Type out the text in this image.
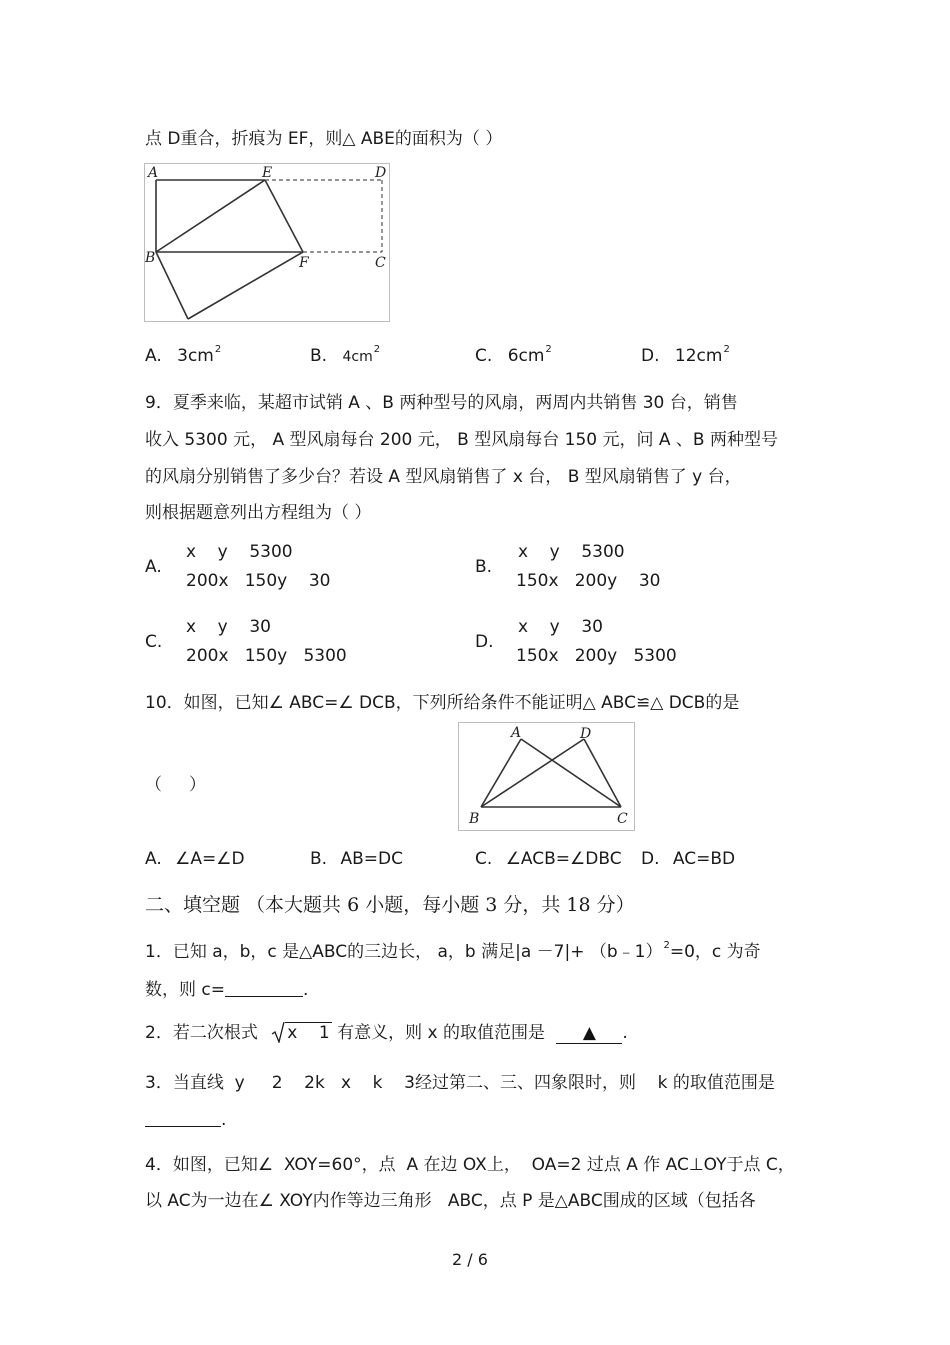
点 D重合，折痕为 EF，则△ ABE的面积为（ ）
A	E	D
B	F	C
A. $3cm^2$	B. $4cm^2$	C. $6cm^2$	D. $12cm^2$
9．夏季来临，某超市试销 A 、B 两种型号的风扇，两周内共销售 30 台，销售
收入 5300 元， A 型风扇每台 200 元， B 型风扇每台 150 元，问 A 、B 两种型号
的风扇分别销售了多少台？若设 A 型风扇销售了 x 台， B 型风扇销售了 y 台，
则根据题意列出方程组为（ ）
A.
x    y    5300
200x   150y    30
B.
x    y    5300
150x   200y    30
C.
x    y    30
200x   150y   5300
D.
x    y    30
150x   200y   5300
10．如图，已知∠ ABC=∠ DCB，下列所给条件不能证明△ ABC≌△ DCB的是
（     ）
A	D
B	C
A. ∠A=∠D	B. AB=DC	C. ∠ACB=∠DBC D. AC=BD
二、填空题 （本大题共 6 小题，每小题 3 分，共 18 分）
1．已知 a，b，c 是△ABC的三边长， a，b 满足|a －7|+ （b﹣1）$^2$=0，c 为奇
数，则 c=	.
2．若二次根式 x    1 有意义，则 x 的取值范围是 ▲ .
3．当直线  y     2    2k   x    k    3经过第二、三、四象限时，则    k 的取值范围是
.
4．如图，已知∠  XOY=60°，点  A 在边 OX上，  OA=2 过点 A 作 AC⊥OY于点 C，
以 AC为一边在∠ XOY内作等边三角形   ABC，点 P 是△ABC围成的区域（包括各
2 / 6
